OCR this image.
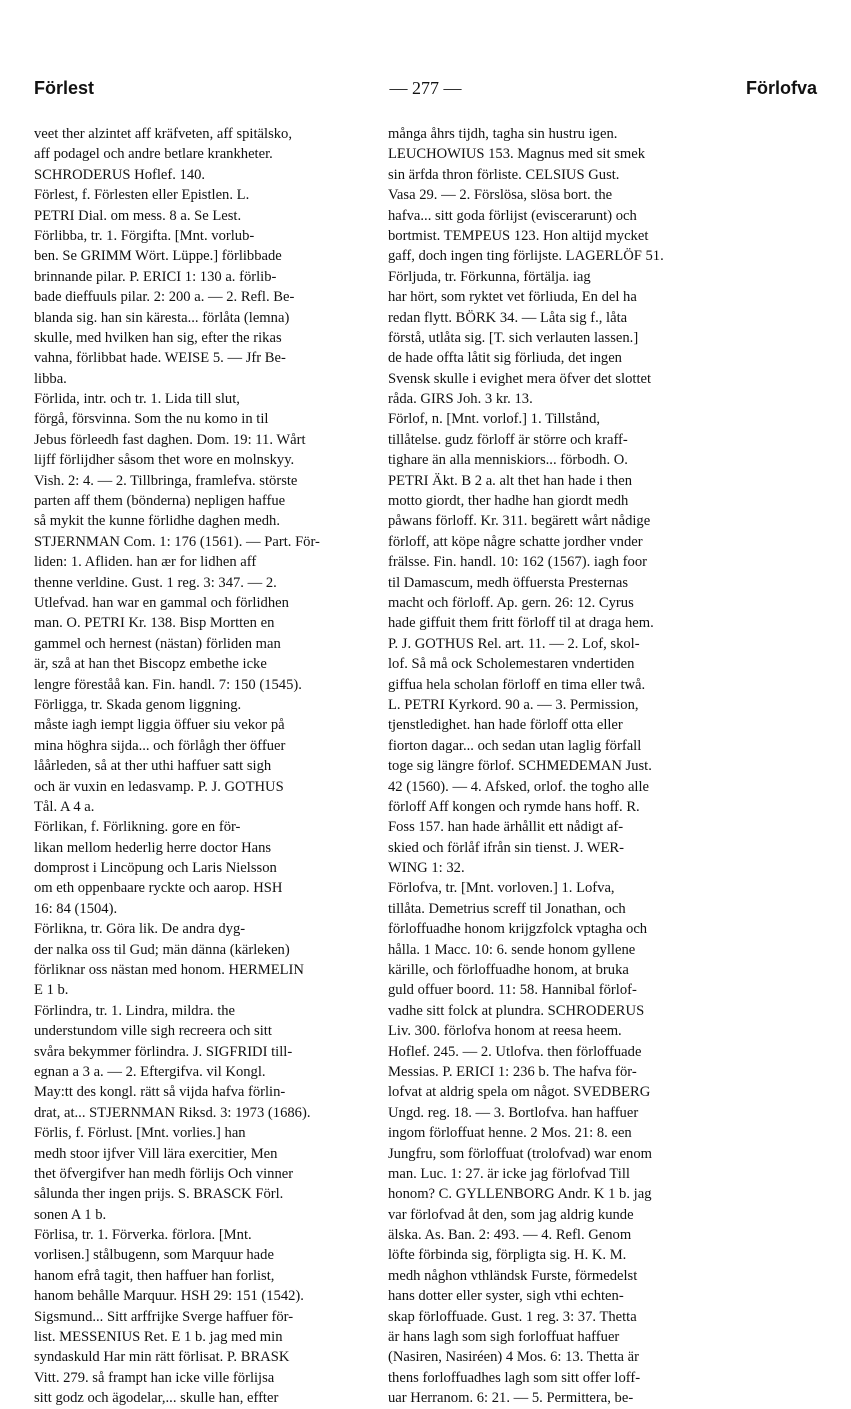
Förlest	— 277 —	Förlofva
veet ther alzintet aff kräfveten, aff spitälsko,
aff podagel och andre betlare krankheter.
SCHRODERUS Hoflef. 140.
Förlest, f. Förlesten eller Epistlen. L.
PETRI Dial. om mess. 8 a. Se Lest.
Förlibba, tr. 1. Förgifta. [Mnt. vorlub-
ben. Se GRIMM Wört. Lüppe.] förlibbade
brinnande pilar. P. ERICI 1: 130 a. förlib-
bade dieffuuls pilar. 2: 200 a. — 2. Refl. Be-
blanda sig. han sin käresta... förlåta (lemna)
skulle, med hvilken han sig, efter the rikas
vahna, förlibbat hade. WEISE 5. — Jfr Be-
libba.
Förlida, intr. och tr. 1. Lida till slut,
förgå, försvinna. Som the nu komo in til
Jebus förleedh fast daghen. Dom. 19: 11. Wårt
lijff förlijdher såsom thet wore en molnskyy.
Vish. 2: 4. — 2. Tillbringa, framlefva. störste
parten aff them (bönderna) nepligen haffue
så mykit the kunne förlidhe daghen medh.
STJERNMAN Com. 1: 176 (1561). — Part. För-
liden: 1. Afliden. han ær for lidhen aff
thenne verldine. Gust. 1 reg. 3: 347. — 2.
Utlefvad. han war en gammal och förlidhen
man. O. PETRI Kr. 138. Bisp Mortten en
gammel och hernest (nästan) förliden man
är, szå at han thet Biscopz embethe icke
lengre föreståå kan. Fin. handl. 7: 150 (1545).
Förligga, tr. Skada genom liggning.
måste iagh iempt liggia öffuer siu vekor på
mina höghra sijda... och förlågh ther öffuer
låårleden, så at ther uthi haffuer satt sigh
och är vuxin en ledasvamp. P. J. GOTHUS
Tål. A 4 a.
Förlikan, f. Förlikning. gore en för-
likan mellom hederlig herre doctor Hans
domprost i Lincöpung och Laris Nielsson
om eth oppenbaare ryckte och aarop. HSH
16: 84 (1504).
Förlikna, tr. Göra lik. De andra dyg-
der nalka oss til Gud; män dänna (kärleken)
förliknar oss nästan med honom. HERMELIN
E 1 b.
Förlindra, tr. 1. Lindra, mildra. the
understundom ville sigh recreera och sitt
svåra bekymmer förlindra. J. SIGFRIDI till-
egnan a 3 a. — 2. Eftergifva. vil Kongl.
May:tt des kongl. rätt så vijda hafva förlin-
drat, at... STJERNMAN Riksd. 3: 1973 (1686).
Förlis, f. Förlust. [Mnt. vorlies.] han
medh stoor ijfver Vill lära exercitier, Men
thet öfvergifver han medh förlijs Och vinner
sålunda ther ingen prijs. S. BRASCK Förl.
sonen A 1 b.
Förlisa, tr. 1. Förverka. förlora. [Mnt.
vorlisen.] stålbugenn, som Marquur hade
hanom efrå tagit, then haffuer han forlist,
hanom behålle Marquur. HSH 29: 151 (1542).
Sigsmund... Sitt arffrijke Sverge haffuer för-
list. MESSENIUS Ret. E 1 b. jag med min
syndaskuld Har min rätt förlisat. P. BRASK
Vitt. 279. så frampt han icke ville förlijsa
sitt godz och ägodelar,... skulle han, effter
många åhrs tijdh, tagha sin hustru igen.
LEUCHOWIUS 153. Magnus med sit smek
sin ärfda thron förliste. CELSIUS Gust.
Vasa 29. — 2. Förslösa, slösa bort. the
hafva... sitt goda förlijst (eviscerarunt) och
bortmist. TEMPEUS 123. Hon altijd mycket
gaff, doch ingen ting förlijste. LAGERLÖF 51.
Förljuda, tr. Förkunna, förtälja. iag
har hört, som ryktet vet förliuda, En del ha
redan flytt. BÖRK 34. — Låta sig f., låta
förstå, utlåta sig. [T. sich verlauten lassen.]
de hade offta låtit sig förliuda, det ingen
Svensk skulle i evighet mera öfver det slottet
råda. GIRS Joh. 3 kr. 13.
Förlof, n. [Mnt. vorlof.] 1. Tillstånd,
tillåtelse. gudz förloff är större och kraff-
tighare än alla menniskiors... förbodh. O.
PETRI Äkt. B 2 a. alt thet han hade i then
motto giordt, ther hadhe han giordt medh
påwans förloff. Kr. 311. begärett wårt nådige
förloff, att köpe någre schatte jordher vnder
frälsse. Fin. handl. 10: 162 (1567). iagh foor
til Damascum, medh öffuersta Presternas
macht och förloff. Ap. gern. 26: 12. Cyrus
hade giffuit them fritt förloff til at draga hem.
P. J. GOTHUS Rel. art. 11. — 2. Lof, skol-
lof. Så må ock Scholemestaren vndertiden
giffua hela scholan förloff en tima eller twå.
L. PETRI Kyrkord. 90 a. — 3. Permission,
tjenstledighet. han hade förloff otta eller
fiorton dagar... och sedan utan laglig förfall
toge sig längre förlof. SCHMEDEMAN Just.
42 (1560). — 4. Afsked, orlof. the togho alle
förloff Aff kongen och rymde hans hoff. R.
Foss 157. han hade ärhållit ett nådigt af-
skied och förlåf ifrån sin tienst. J. WER-
WING 1: 32.
Förlofva, tr. [Mnt. vorloven.] 1. Lofva,
tillåta. Demetrius screff til Jonathan, och
förloffuadhe honom krijgzfolck vptagha och
hålla. 1 Macc. 10: 6. sende honom gyllene
kärille, och förloffuadhe honom, at bruka
guld offuer boord. 11: 58. Hannibal förlof-
vadhe sitt folck at plundra. SCHRODERUS
Liv. 300. förlofva honom at reesa heem.
Hoflef. 245. — 2. Utlofva. then förloffuade
Messias. P. ERICI 1: 236 b. The hafva för-
lofvat at aldrig spela om något. SVEDBERG
Ungd. reg. 18. — 3. Bortlofva. han haffuer
ingom förloffuat henne. 2 Mos. 21: 8. een
Jungfru, som förloffuat (trolofvad) war enom
man. Luc. 1: 27. är icke jag förlofvad Till
honom? C. GYLLENBORG Andr. K 1 b. jag
var förlofvad åt den, som jag aldrig kunde
älska. As. Ban. 2: 493. — 4. Refl. Genom
löfte förbinda sig, förpligta sig. H. K. M.
medh någhon vthländsk Furste, förmedelst
hans dotter eller syster, sigh vthi echten-
skap förloffuade. Gust. 1 reg. 3: 37. Thetta
är hans lagh som sigh forloffuat haffuer
(Nasiren, Nasiréen) 4 Mos. 6: 13. Thetta är
thens forloffuadhes lagh som sitt offer loff-
uar Herranom. 6: 21. — 5. Permittera, be-
